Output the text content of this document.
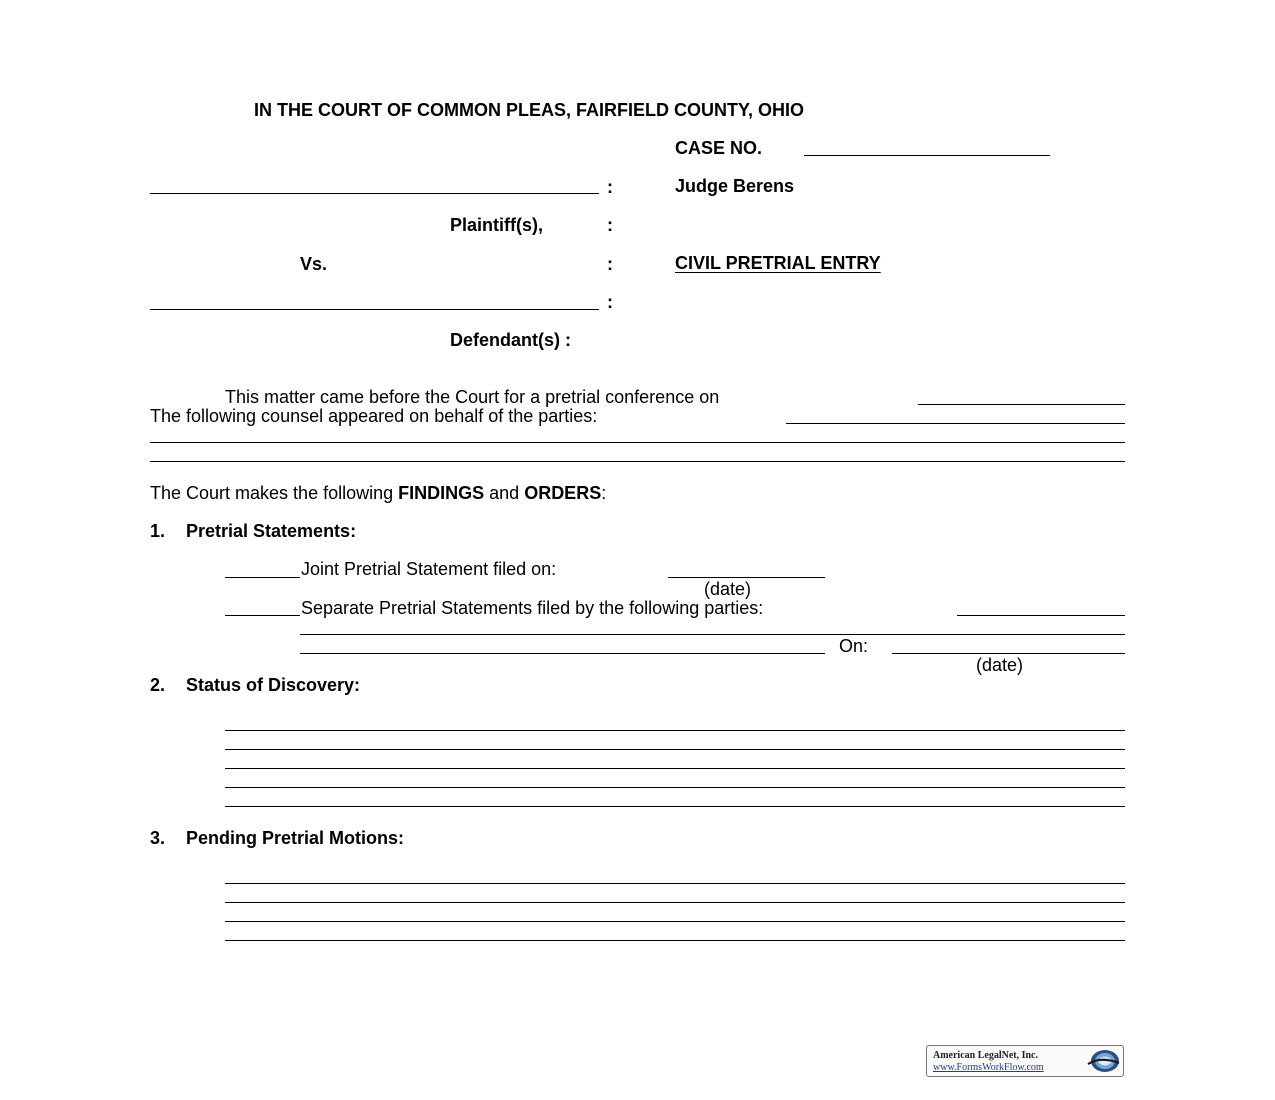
IN THE COURT OF COMMON PLEAS, FAIRFIELD COUNTY, OHIO
CASE NO.
:	Judge Berens
Plaintiff(s),	:
Vs.	:	CIVIL PRETRIAL ENTRY
:
Defendant(s) :
This matter came before the Court for a pretrial conference on
The following counsel appeared on behalf of the parties:
The Court makes the following FINDINGS and ORDERS:
1. Pretrial Statements:
Joint Pretrial Statement filed on:
(date)
Separate Pretrial Statements filed by the following parties:
On:
(date)
2. Status of Discovery:
3. Pending Pretrial Motions:
American LegalNet, Inc.
www.FormsWorkFlow.com
